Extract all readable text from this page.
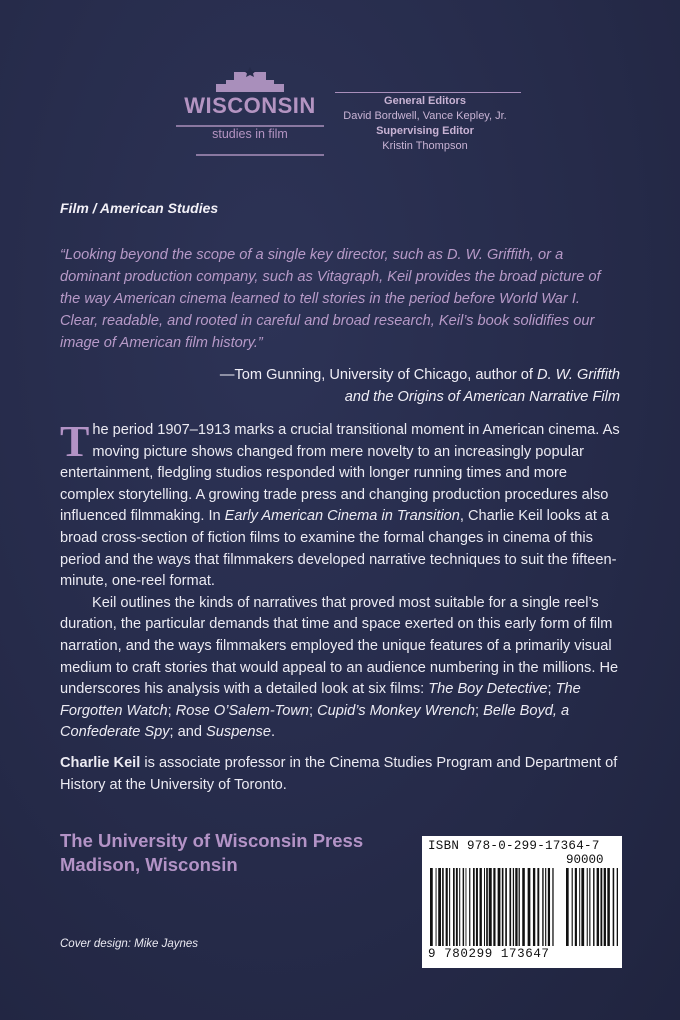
WISCONSIN
studies in film
General Editors
David Bordwell, Vance Kepley, Jr.
Supervising Editor
Kristin Thompson
Film / American Studies
“Looking beyond the scope of a single key director, such as D. W. Griffith, or a dominant production company, such as Vitagraph, Keil provides the broad picture of the way American cinema learned to tell stories in the period before World War I. Clear, readable, and rooted in careful and broad research, Keil’s book solidifies our image of American film history.”
—Tom Gunning, University of Chicago, author of D. W. Griffith
and the Origins of American Narrative Film

The period 1907–1913 marks a crucial transitional moment in American cinema. As moving picture shows changed from mere novelty to an increasingly popular entertainment, fledgling studios responded with longer running times and more complex storytelling. A growing trade press and changing production procedures also influenced filmmaking. In Early American Cinema in Transition, Charlie Keil looks at a broad cross-section of fiction films to examine the formal changes in cinema of this period and the ways that filmmakers developed narrative techniques to suit the fifteen-minute, one-reel format.

Keil outlines the kinds of narratives that proved most suitable for a single reel’s duration, the particular demands that time and space exerted on this early form of film narration, and the ways filmmakers employed the unique features of a primarily visual medium to craft stories that would appeal to an audience numbering in the millions. He underscores his analysis with a detailed look at six films: The Boy Detective; The Forgotten Watch; Rose O’Salem-Town; Cupid’s Monkey Wrench; Belle Boyd, a Confederate Spy; and Suspense.

Charlie Keil is associate professor in the Cinema Studies Program and Department of History at the University of Toronto.

The University of Wisconsin Press
Madison, Wisconsin
Cover design: Mike Jaynes
ISBN 978-0-299-17364-7
90000
9 780299 173647
